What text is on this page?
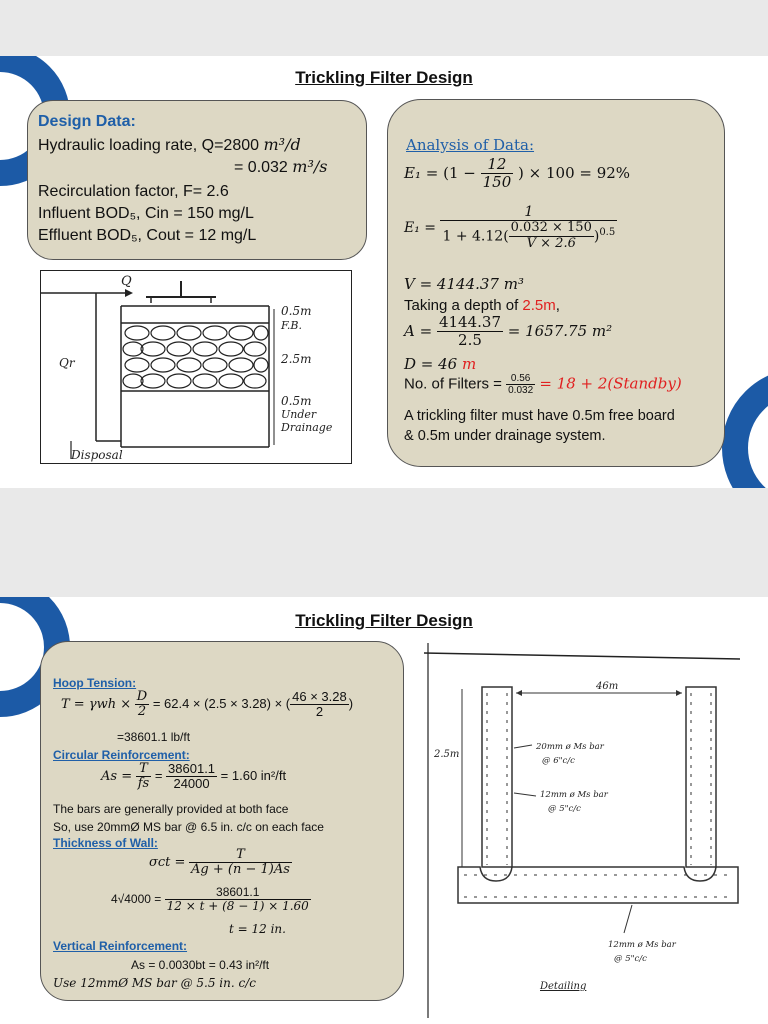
Trickling Filter Design
Design Data:
Hydraulic loading rate, Q=2800 m³/d
= 0.032 m³/s
Recirculation factor, F= 2.6
Influent BOD₅, Cin = 150 mg/L
Effluent BOD₅, Cout = 12 mg/L
0.5m
F.B.
2.5m
0.5m
Under
Drainage
Q
Qr
Disposal
Analysis of Data:
$E_1 = (1 - \frac{12}{150}$ ) × 100 = 92%
$E_1 = \frac{1}{1 + 4.12( \frac{0.032 \times 150}{V \times 2.6} )^{0.5}}$
V = 4144.37 m³
Taking a depth of 2.5m,
$A = \frac{4144.37}{2.5} = 1657.75$ m²
D = 46 m
No. of Filters = $\frac{0.56}{0.032} = 18$ + 2(Standby)
A trickling filter must have 0.5m free board
& 0.5m under drainage system.
Trickling Filter Design
Hoop Tension:
$T = \gamma wh \times \frac{D}{2} = 62.4 \times (2.5 \times 3.28)$ × ( $\frac{46 \times 3.28}{2}$ )
=38601.1 lb/ft
Circular Reinforcement:
$As = \frac{T}{fs} = \frac{38601.1}{24000} = 1.60$ in²/ft
The bars are generally provided at both face
So, use 20mmØ MS bar @ 6.5 in. c/c on each face
Thickness of Wall:
$\sigma ct = \frac{T}{Ag + (n - 1)As}$
$4√4000 = \frac{38601.1}{12 \times t + (8 - 1) \times 1.60}$
t = 12 in.
Vertical Reinforcement:
As = 0.0030bt = 0.43 in²/ft
Use 12mmØ MS bar @ 5.5 in. c/c
46m
2.5m
20mm ø Ms bar
@ 6"c/c
12mm ø Ms bar
@ 5"c/c
12mm ø Ms bar
@ 5"c/c
Detailing
